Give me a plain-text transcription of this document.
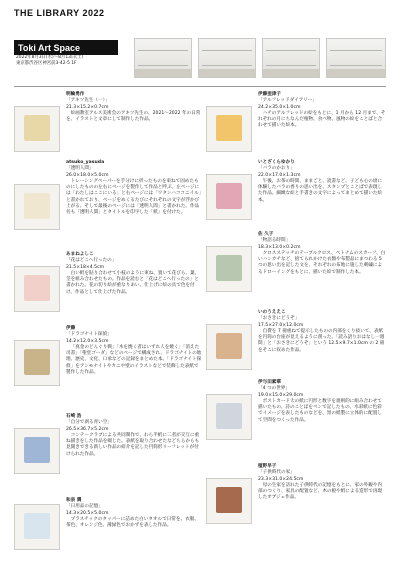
THE LIBRARY 2022
Toki Art Space
2022年8月3日(水)〜8月13日(土)
東京都渋谷区神宮前3-42-5 1F
明輪勇作
「アキツ先生（一）」
21.3×15.2×0.7cm
絵画教室アルス美術会のアキツ先生の、2021〜2022 年の日常を、イラストと文章にして制作した作品。
atsuko_yasuda
「透明人間」
26.0×18.0×5.0cm
トレーシングペーパーを手分けに折ったものを束ねて固めたものにしたものの左右にページを製作して作品と呼ぶ。左ページには「わたしはここにいる」と右ページには「ワタシハココニイル」と書かれており、ページをめくるたびにそれぞれの文字が浮かび上がる。そして最後のページには「透明人間」と書かれた。作品名も「透明人間」とタイトルを印字した「紙」を付けた。
あまねよしこ
「花はどこへ行ったの」
21.5×18×4.5cm
白い紙を貼り合わせて小枝のように束ね、置いて花びら、葉、茎を組み合わせたもの。作品を読むと「花はどこへ行ったの」と書かれた。花の切り絵が重なりあい、仕上げに絵の具で色を付け、作品として仕上げた作品。
伊藤
「ドラゴナイト探偵」
14.2×12.0×3.5cm
「真金のどんぐり戦」「木を焼く者はいずれ人を焼く」「消えた司書」「聖堂ゴーダ」などのページで構成され、ドラゴナイトの地理、歴史、文化、口承などの記録をまとめた本。「ドラゴナイト探偵」をアンモナイトやカニや壁のイラストなどで装飾した表紙で製作した作品。
石崎 浩
「自分で剥る青い空」
26.5×36.7×5.2cm
コンテークラブによる共同制作で、わら半紙に二者が交互に重ね描きをした作品を綴じた。表紙を取り合わせたなどちらからも見開きできる新しい作品の紹介を記した円筒形リーフレットが付けられた作品。
和泉 潤
「日用品の記憶」
14.3×20.5×5.0cm
プラスチックのタッパーに詰めた白いタオルで日常を、衣服、茶色、オレンジ色、薄緑色でおかずを表した作品。
伊藤亜津子
「アルフレッドダイアリー」
24.2×35.0×1.0cm
ハチのアルフレッドの絵をもとに、1 月から 12 月まで、それぞれの月にちなんだ植物、食べ物、風物の絵をことばと合わせて描いた絵本。
いとざくらゆかり
「バラのかおり」
22.0×17.0×1.3cm
午後、お茶の時間、ままごと、読書など、子ども心の頃に体験したバラの香りの思い出を、スタンプとことばで表現した作品。細緻な絵と手書きの文字によってまとめて描いた絵本。
佐 久子
「物語る時間」
18.3×13.0×0.2cm
クロスステッチのテーブルクロス、ペトナムのスカーフ、白いハンカチなど、捨てられかけた衣類や布製品にまつわる 5 つの思い出を記した文を、それぞれの布地に施した刺繍によるドローイングをもとに、描いた絵で制作した本。
いのうええこ
「おさきにどうぞ」
17.5×27.0×12.0cm
自費を 7 冊重ねて提示したものの内部をくり抜いて、表紙を円筒の台座が見えるように削った。「読み語りおはなし一週間」と「おさきにどうぞ」という 12.5×9.7×1.0cm の 2 冊をそこに収めた作品。
伊与田素華
「4 つの世界」
19.0×15.0×29.0cm
ポストカード大の紙に円形と数字を規則的に組み合わせて描いたもの。詩のことばをペンで記したもの、水彩紙に色彩でイメージを表したものなどを、黒の紙製に立体的に配置して空間をつくった作品。
植野早子
「子供時代の家」
23.3×31.0×24.5cm
母の生家を訪れた子供時代の記憶をもとに、家の外観や内部のつくり、家具の配置など、木の板や紙による造形で再現したオブジェ作品。
